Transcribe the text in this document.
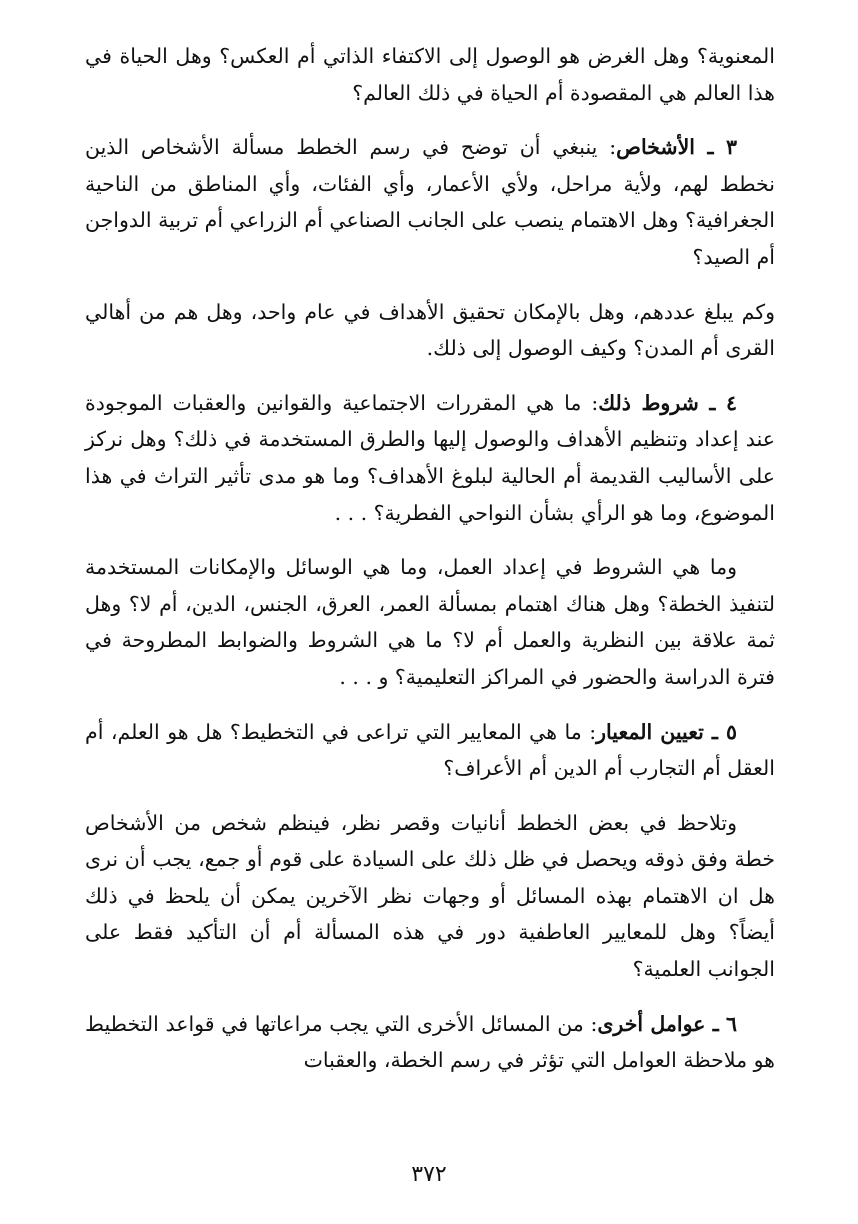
المعنوية؟ وهل الغرض هو الوصول إلى الاكتفاء الذاتي أم العكس؟ وهل الحياة في هذا العالم هي المقصودة أم الحياة في ذلك العالم؟

٣ ـ الأشخاص: ينبغي أن توضح في رسم الخطط مسألة الأشخاص الذين نخطط لهم، ولأية مراحل، ولأي الأعمار، وأي الفئات، وأي المناطق من الناحية الجغرافية؟ وهل الاهتمام ينصب على الجانب الصناعي أم الزراعي أم تربية الدواجن أم الصيد؟

وكم يبلغ عددهم، وهل بالإمكان تحقيق الأهداف في عام واحد، وهل هم من أهالي القرى أم المدن؟ وكيف الوصول إلى ذلك.

٤ ـ شروط ذلك: ما هي المقررات الاجتماعية والقوانين والعقبات الموجودة عند إعداد وتنظيم الأهداف والوصول إليها والطرق المستخدمة في ذلك؟ وهل نركز على الأساليب القديمة أم الحالية لبلوغ الأهداف؟ وما هو مدى تأثير التراث في هذا الموضوع، وما هو الرأي بشأن النواحي الفطرية؟ . . .

وما هي الشروط في إعداد العمل، وما هي الوسائل والإمكانات المستخدمة لتنفيذ الخطة؟ وهل هناك اهتمام بمسألة العمر، العرق، الجنس، الدين، أم لا؟ وهل ثمة علاقة بين النظرية والعمل أم لا؟ ما هي الشروط والضوابط المطروحة في فترة الدراسة والحضور في المراكز التعليمية؟ و . . .

٥ ـ تعيين المعيار: ما هي المعايير التي تراعى في التخطيط؟ هل هو العلم، أم العقل أم التجارب أم الدين أم الأعراف؟

وتلاحظ في بعض الخطط أنانيات وقصر نظر، فينظم شخص من الأشخاص خطة وفق ذوقه ويحصل في ظل ذلك على السيادة على قوم أو جمع، يجب أن نرى هل ان الاهتمام بهذه المسائل أو وجهات نظر الآخرين يمكن أن يلحظ في ذلك أيضاً؟ وهل للمعايير العاطفية دور في هذه المسألة أم أن التأكيد فقط على الجوانب العلمية؟

٦ ـ عوامل أخرى: من المسائل الأخرى التي يجب مراعاتها في قواعد التخطيط هو ملاحظة العوامل التي تؤثر في رسم الخطة، والعقبات

٣٧٢
